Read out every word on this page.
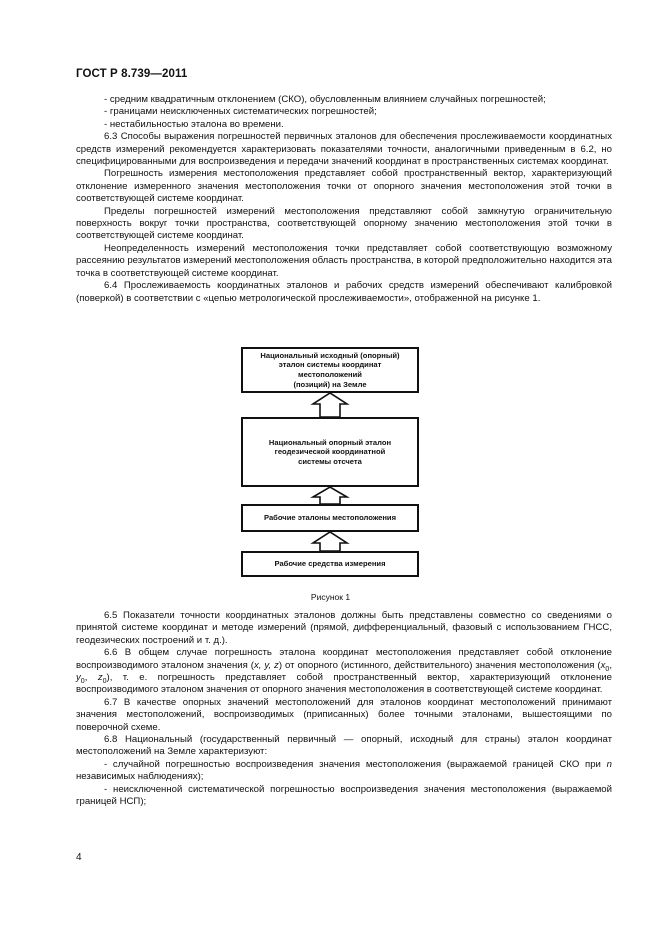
ГОСТ Р 8.739—2011

- средним квадратичным отклонением (СКО), обусловленным влиянием случайных погрешностей;

- границами неисключенных систематических погрешностей;

- нестабильностью эталона во времени.

6.3 Способы выражения погрешностей первичных эталонов для обеспечения прослеживаемости координатных средств измерений рекомендуется характеризовать показателями точности, аналогичными приведенным в 6.2, но специфицированными для воспроизведения и передачи значений координат в пространственных системах координат.

Погрешность измерения местоположения представляет собой пространственный вектор, характеризующий отклонение измеренного значения местоположения точки от опорного значения местоположения этой точки в соответствующей системе координат.

Пределы погрешностей измерений местоположения представляют собой замкнутую ограничительную поверхность вокруг точки пространства, соответствующей опорному значению местоположения этой точки в соответствующей системе координат.

Неопределенность измерений местоположения точки представляет собой соответствующую возможному рассеянию результатов измерений местоположения область пространства, в которой предположительно находится эта точка в соответствующей системе координат.

6.4 Прослеживаемость координатных эталонов и рабочих средств измерений обеспечивают калибровкой (поверкой) в соответствии с «цепью метрологической прослеживаемости», отображенной на рисунке 1.

Национальный исходный (опорный)
эталон системы координат местоположений
(позиций) на Земле
Национальный опорный эталон
геодезической координатной
системы отсчета
Рабочие эталоны местоположения
Рабочие средства измерения
Рисунок 1

6.5 Показатели точности координатных эталонов должны быть представлены совместно со сведениями о принятой системе координат и методе измерений (прямой, дифференциальный, фазовый с использованием ГНСС, геодезических построений и т. д.).

6.6 В общем случае погрешность эталона координат местоположения представляет собой отклонение воспроизводимого эталоном значения (x, y, z) от опорного (истинного, действительного) значения местоположения ($x_0$, $y_0$, $z_0$), т. е. погрешность представляет собой пространственный вектор, характеризующий отклонение воспроизводимого эталоном значения от опорного значения местоположения в соответствующей системе координат.

6.7 В качестве опорных значений местоположений для эталонов координат местоположений принимают значения местоположений, воспроизводимых (приписанных) более точными эталонами, вышестоящими по поверочной схеме.

6.8 Национальный (государственный первичный — опорный, исходный для страны) эталон координат местоположений на Земле характеризуют:

- случайной погрешностью воспроизведения значения местоположения (выражаемой границей СКО при n независимых наблюдениях);

- неисключенной систематической погрешностью воспроизведения значения местоположения (выражаемой границей НСП);

4
